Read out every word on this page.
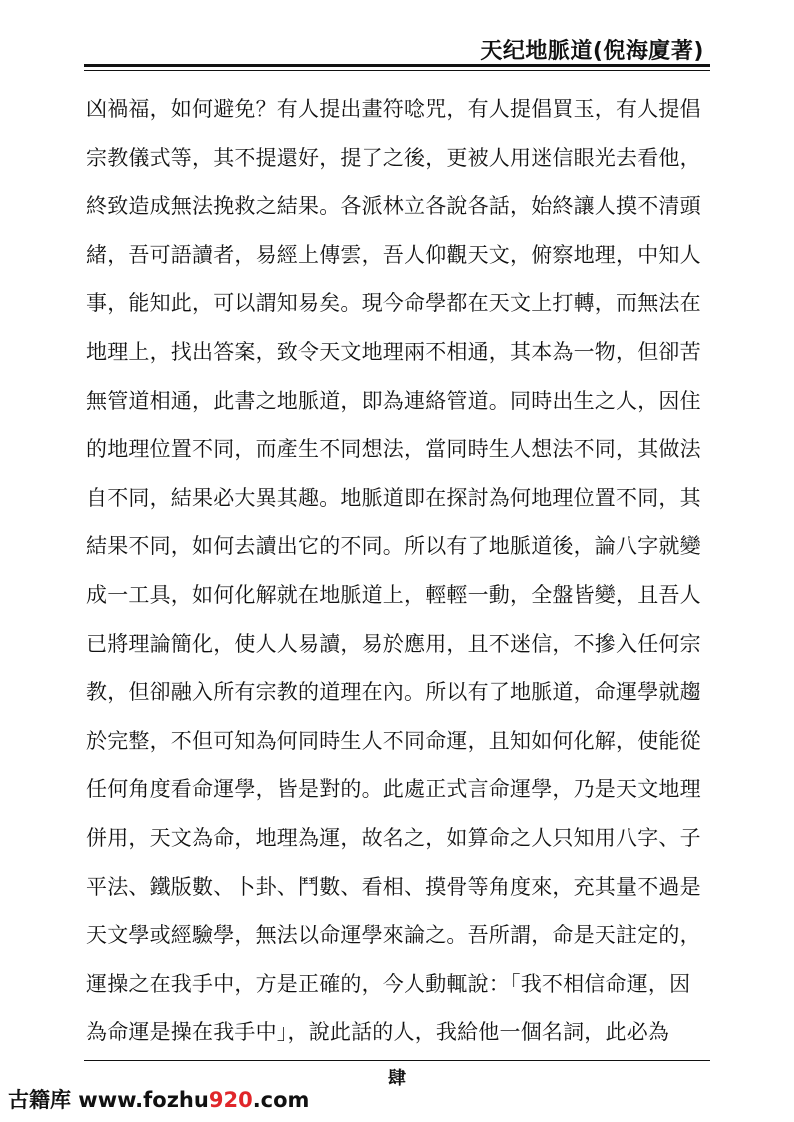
天纪地脈道(倪海廈著)
凶禍福，如何避免？有人提出畫符唸咒，有人提倡買玉，有人提倡
宗教儀式等，其不提還好，提了之後，更被人用迷信眼光去看他，
終致造成無法挽救之結果。各派林立各說各話，始終讓人摸不清頭
緒，吾可語讀者，易經上傳雲，吾人仰觀天文，俯察地理，中知人
事，能知此，可以謂知易矣。現今命學都在天文上打轉，而無法在
地理上，找出答案，致令天文地理兩不相通，其本為一物，但卻苦
無管道相通，此書之地脈道，即為連絡管道。同時出生之人，因住
的地理位置不同，而產生不同想法，當同時生人想法不同，其做法
自不同，結果必大異其趣。地脈道即在探討為何地理位置不同，其
結果不同，如何去讀出它的不同。所以有了地脈道後，論八字就變
成一工具，如何化解就在地脈道上，輕輕一動，全盤皆變，且吾人
已將理論簡化，使人人易讀，易於應用，且不迷信，不摻入任何宗
教，但卻融入所有宗教的道理在內。所以有了地脈道，命運學就趨
於完整，不但可知為何同時生人不同命運，且知如何化解，使能從
任何角度看命運學，皆是對的。此處正式言命運學，乃是天文地理
併用，天文為命，地理為運，故名之，如算命之人只知用八字、子
平法、鐵版數、卜卦、鬥數、看相、摸骨等角度來，充其量不過是
天文學或經驗學，無法以命運學來論之。吾所謂，命是天註定的，
運操之在我手中，方是正確的，今人動輒說：「我不相信命運，因
為命運是操在我手中」，說此話的人，我給他一個名詞，此必為
肆
古籍库 www.fozhu920.com
